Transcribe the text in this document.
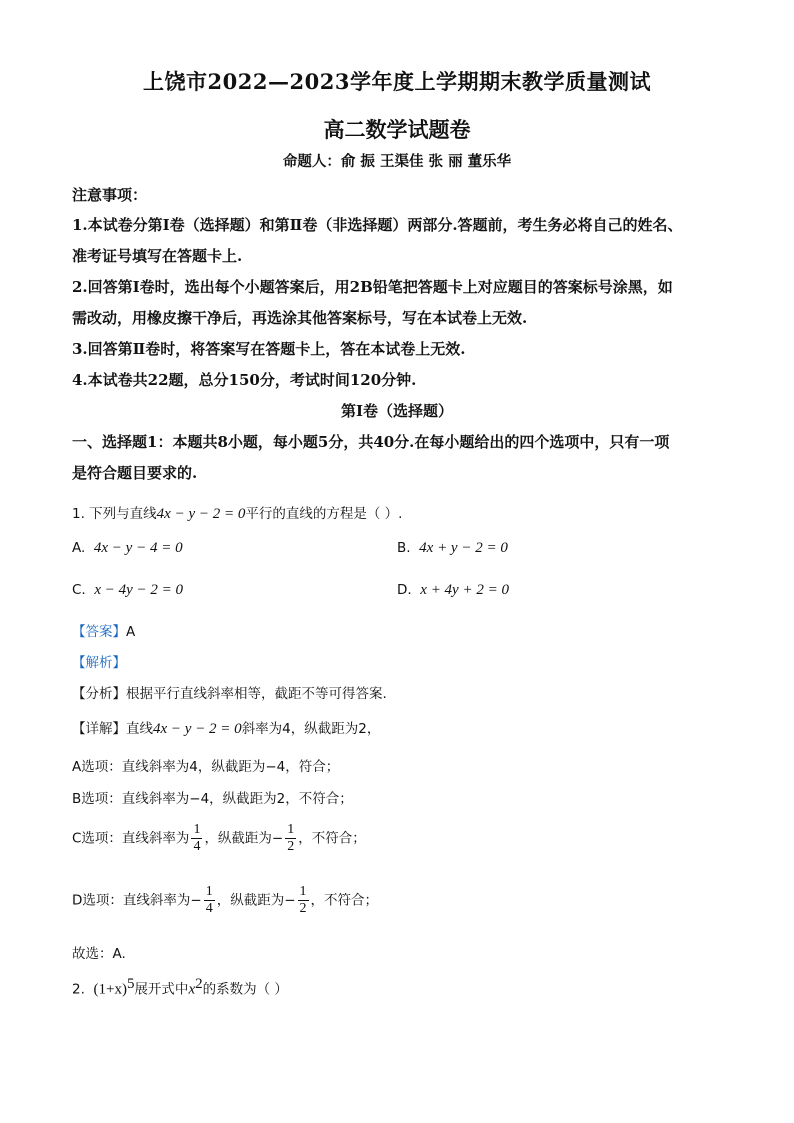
上饶市2022—2023学年度上学期期末教学质量测试
高二数学试题卷
命题人：俞 振 王渠佳 张 丽 董乐华
注意事项：
1.本试卷分第Ⅰ卷（选择题）和第Ⅱ卷（非选择题）两部分.答题前，考生务必将自己的姓名、
准考证号填写在答题卡上.
2.回答第Ⅰ卷时，选出每个小题答案后，用2B铅笔把答题卡上对应题目的答案标号涂黑，如
需改动，用橡皮擦干净后，再选涂其他答案标号，写在本试卷上无效.
3.回答第Ⅱ卷时，将答案写在答题卡上，答在本试卷上无效.
4.本试卷共22题，总分150分，考试时间120分钟.
第Ⅰ卷（选择题）
一、选择题1：本题共8小题，每小题5分，共40分.在每小题给出的四个选项中，只有一项
是符合题目要求的.
1. 下列与直线4x − y − 2 = 0平行的直线的方程是（ ）.
A. 4x − y − 4 = 0	B. 4x + y − 2 = 0
C. x − 4y − 2 = 0	D. x + 4y + 2 = 0
【答案】A
【解析】
【分析】根据平行直线斜率相等，截距不等可得答案.
【详解】直线4x − y − 2 = 0斜率为4，纵截距为2，
A选项：直线斜率为4，纵截距为−4，符合；
B选项：直线斜率为−4，纵截距为2，不符合；
C选项：直线斜率为 $\frac{1}{4}$ ，纵截距为− $\frac{1}{2}$ ，不符合；
D选项：直线斜率为− $\frac{1}{4}$ ，纵截距为− $\frac{1}{2}$ ，不符合；
故选：A.
2. $(1+x)^5$展开式中$x^2$的系数为（ ）
